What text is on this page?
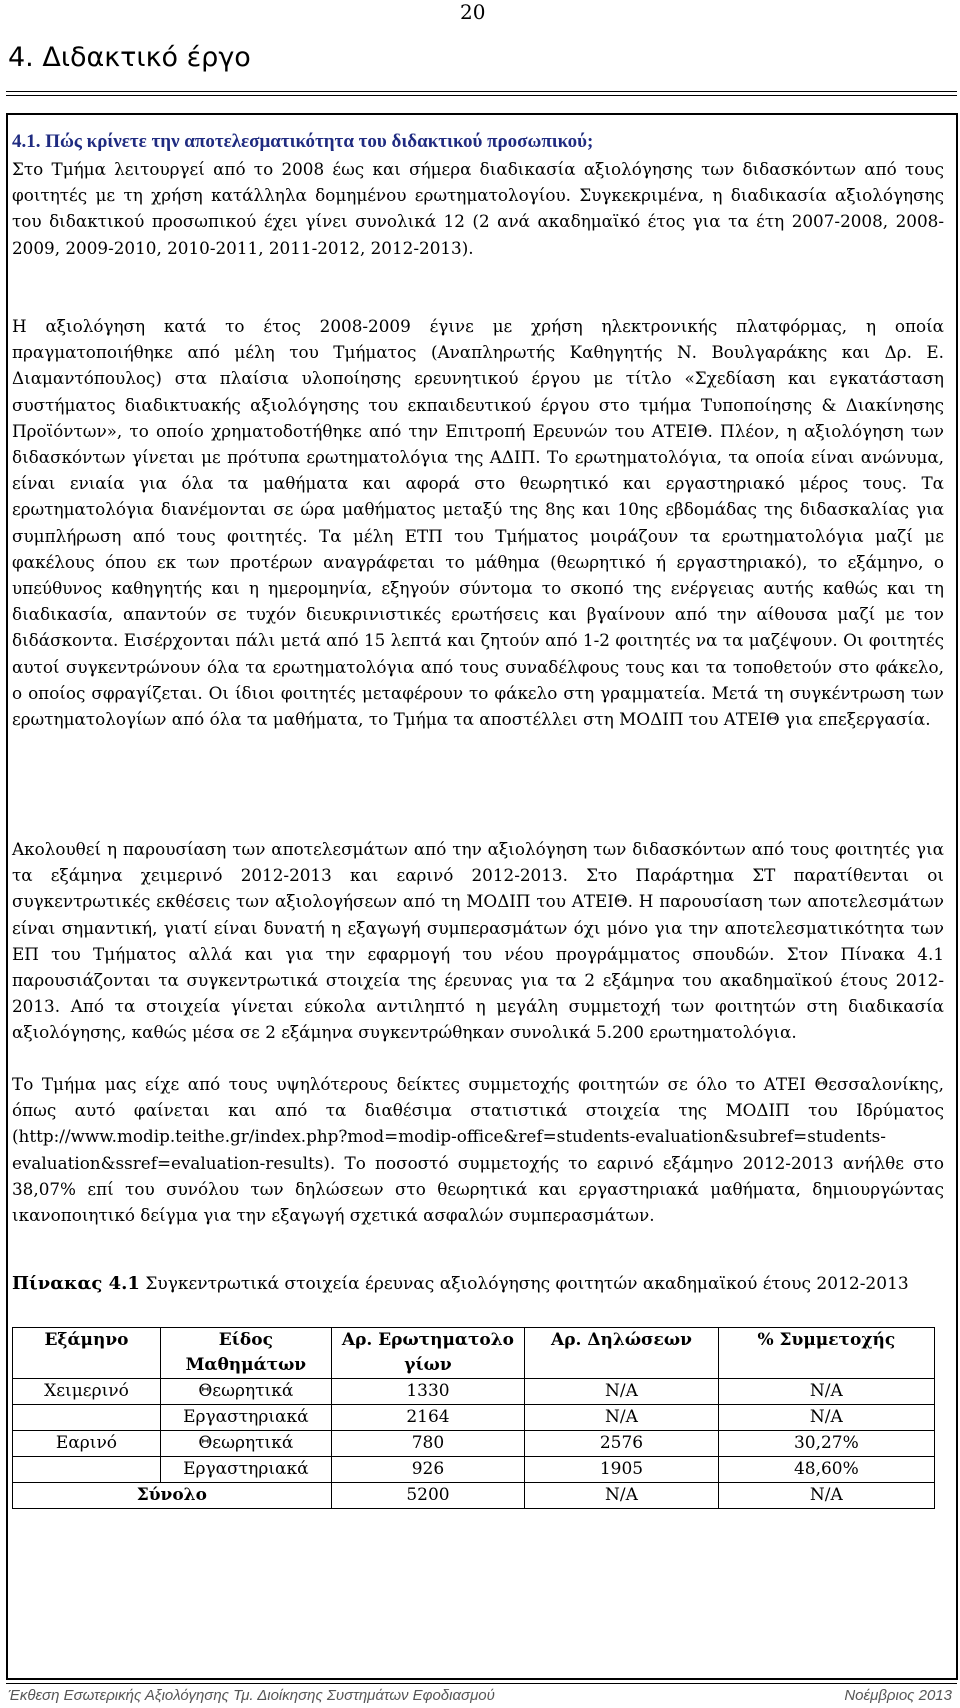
20
4. Διδακτικό έργο
4.1. Πώς κρίνετε την αποτελεσματικότητα του διδακτικού προσωπικού;
Στο Τμήμα λειτουργεί από το 2008 έως και σήμερα διαδικασία αξιολόγησης των διδασκόντων από τους φοιτητές με τη χρήση κατάλληλα δομημένου ερωτηματολογίου. Συγκεκριμένα, η διαδικασία αξιολόγησης του διδακτικού προσωπικού έχει γίνει συνολικά 12 (2 ανά ακαδημαϊκό έτος για τα έτη 2007-2008, 2008-2009, 2009-2010, 2010-2011, 2011-2012, 2012-2013).
Η αξιολόγηση κατά το έτος 2008-2009 έγινε με χρήση ηλεκτρονικής πλατφόρμας, η οποία πραγματοποιήθηκε από μέλη του Τμήματος (Αναπληρωτής Καθηγητής Ν. Βουλγαράκης και Δρ. Ε. Διαμαντόπουλος) στα πλαίσια υλοποίησης ερευνητικού έργου με τίτλο «Σχεδίαση και εγκατάσταση συστήματος διαδικτυακής αξιολόγησης του εκπαιδευτικού έργου στο τμήμα Τυποποίησης & Διακίνησης Προϊόντων», το οποίο χρηματοδοτήθηκε από την Επιτροπή Ερευνών του ΑΤΕΙΘ. Πλέον, η αξιολόγηση των διδασκόντων γίνεται με πρότυπα ερωτηματολόγια της ΑΔΙΠ. Το ερωτηματολόγια, τα οποία είναι ανώνυμα, είναι ενιαία για όλα τα μαθήματα και αφορά στο θεωρητικό και εργαστηριακό μέρος τους. Τα ερωτηματολόγια διανέμονται σε ώρα μαθήματος μεταξύ της 8ης και 10ης εβδομάδας της διδασκαλίας για συμπλήρωση από τους φοιτητές. Τα μέλη ΕΤΠ του Τμήματος μοιράζουν τα ερωτηματολόγια μαζί με φακέλους όπου εκ των προτέρων αναγράφεται το μάθημα (θεωρητικό ή εργαστηριακό), το εξάμηνο, ο υπεύθυνος καθηγητής και η ημερομηνία, εξηγούν σύντομα το σκοπό της ενέργειας αυτής καθώς και τη διαδικασία, απαντούν σε τυχόν διευκρινιστικές ερωτήσεις και βγαίνουν από την αίθουσα μαζί με τον διδάσκοντα. Εισέρχονται πάλι μετά από 15 λεπτά και ζητούν από 1-2 φοιτητές να τα μαζέψουν. Οι φοιτητές αυτοί συγκεντρώνουν όλα τα ερωτηματολόγια από τους συναδέλφους τους και τα τοποθετούν στο φάκελο, ο οποίος σφραγίζεται. Οι ίδιοι φοιτητές μεταφέρουν το φάκελο στη γραμματεία. Μετά τη συγκέντρωση των ερωτηματολογίων από όλα τα μαθήματα, το Τμήμα τα αποστέλλει στη ΜΟΔΙΠ του ΑΤΕΙΘ για επεξεργασία.
Ακολουθεί η παρουσίαση των αποτελεσμάτων από την αξιολόγηση των διδασκόντων από τους φοιτητές για τα εξάμηνα χειμερινό 2012-2013 και εαρινό 2012-2013. Στο Παράρτημα ΣΤ παρατίθενται οι συγκεντρωτικές εκθέσεις των αξιολογήσεων από τη ΜΟΔΙΠ του ΑΤΕΙΘ. Η παρουσίαση των αποτελεσμάτων είναι σημαντική, γιατί είναι δυνατή η εξαγωγή συμπερασμάτων όχι μόνο για την αποτελεσματικότητα των ΕΠ του Τμήματος αλλά και για την εφαρμογή του νέου προγράμματος σπουδών. Στον Πίνακα 4.1 παρουσιάζονται τα συγκεντρωτικά στοιχεία της έρευνας για τα 2 εξάμηνα του ακαδημαϊκού έτους 2012-2013. Από τα στοιχεία γίνεται εύκολα αντιληπτό η μεγάλη συμμετοχή των φοιτητών στη διαδικασία αξιολόγησης, καθώς μέσα σε 2 εξάμηνα συγκεντρώθηκαν συνολικά 5.200 ερωτηματολόγια.
Το Τμήμα μας είχε από τους υψηλότερους δείκτες συμμετοχής φοιτητών σε όλο το ΑΤΕΙ Θεσσαλονίκης, όπως αυτό φαίνεται και από τα διαθέσιμα στατιστικά στοιχεία της ΜΟΔΙΠ του Ιδρύματος (http://www.modip.teithe.gr/index.php?mod=modip-office&ref=students-evaluation&subref=students-evaluation&ssref=evaluation-results). Το ποσοστό συμμετοχής το εαρινό εξάμηνο 2012-2013 ανήλθε στο 38,07% επί του συνόλου των δηλώσεων στο θεωρητικά και εργαστηριακά μαθήματα, δημιουργώντας ικανοποιητικό δείγμα για την εξαγωγή σχετικά ασφαλών συμπερασμάτων.
Πίνακας 4.1 Συγκεντρωτικά στοιχεία έρευνας αξιολόγησης φοιτητών ακαδημαϊκού έτους 2012-2013
Εξάμηνο	Είδος Μαθημάτων	Αρ. Ερωτηματολο γίων	Αρ. Δηλώσεων	% Συμμετοχής
Χειμερινό	Θεωρητικά	1330	N/A	N/A
	Εργαστηριακά	2164	N/A	N/A
Εαρινό	Θεωρητικά	780	2576	30,27%
	Εργαστηριακά	926	1905	48,60%
Σύνολο		5200	N/A	N/A
Έκθεση Εσωτερικής Αξιολόγησης Τμ. Διοίκησης Συστημάτων Εφοδιασμού	Νοέμβριος 2013
